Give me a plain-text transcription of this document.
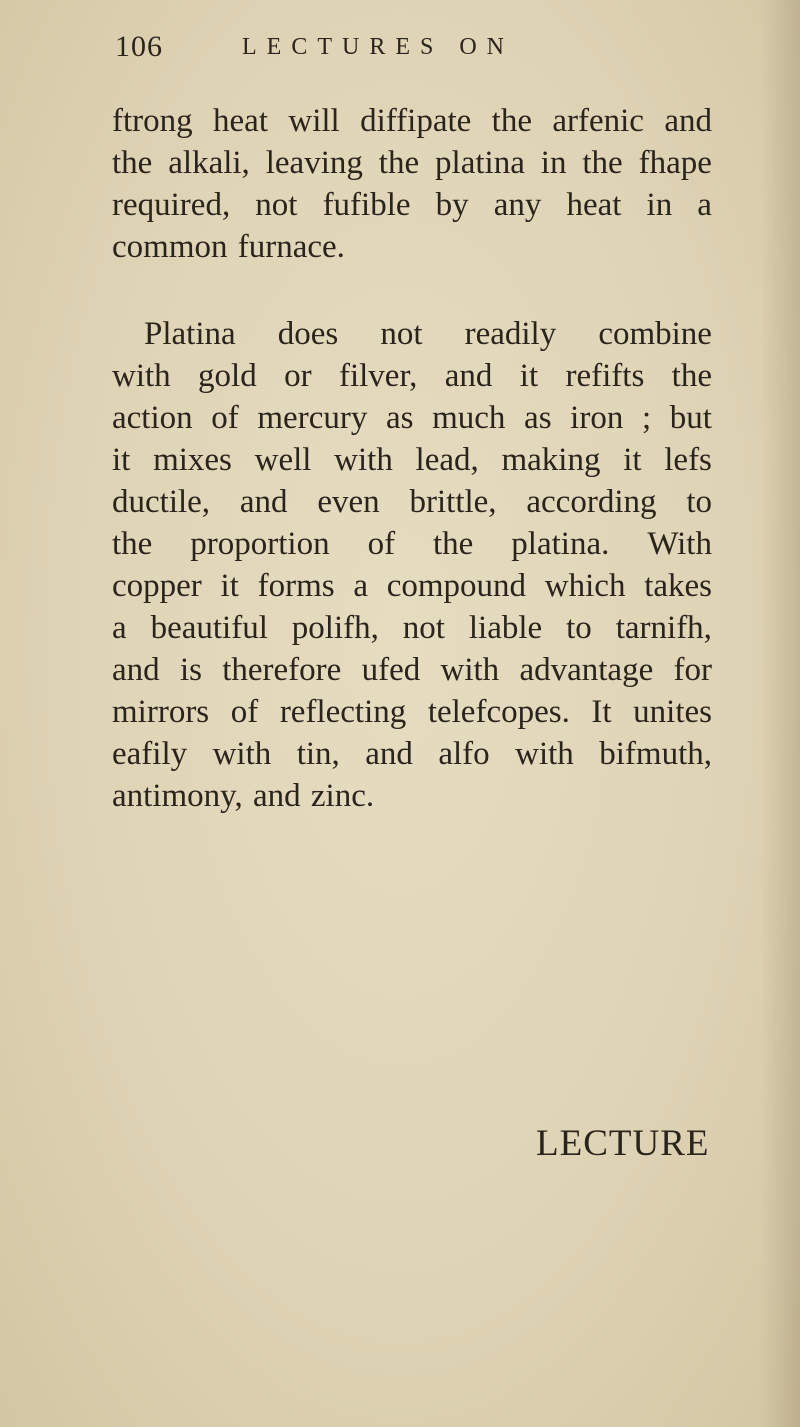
106	LECTURES ON
ftrong heat will diffipate the arfenic and
the alkali, leaving the platina in the fhape
required, not fufible by any heat in a
common furnace.
Platina does not readily combine
with gold or filver, and it refifts the
action of mercury as much as iron ; but
it mixes well with lead, making it lefs
ductile, and even brittle, according to
the proportion of the platina. With
copper it forms a compound which takes
a beautiful polifh, not liable to tarnifh,
and is therefore ufed with advantage for
mirrors of reflecting telefcopes. It unites
eafily with tin, and alfo with bifmuth,
antimony, and zinc.
LECTURE
